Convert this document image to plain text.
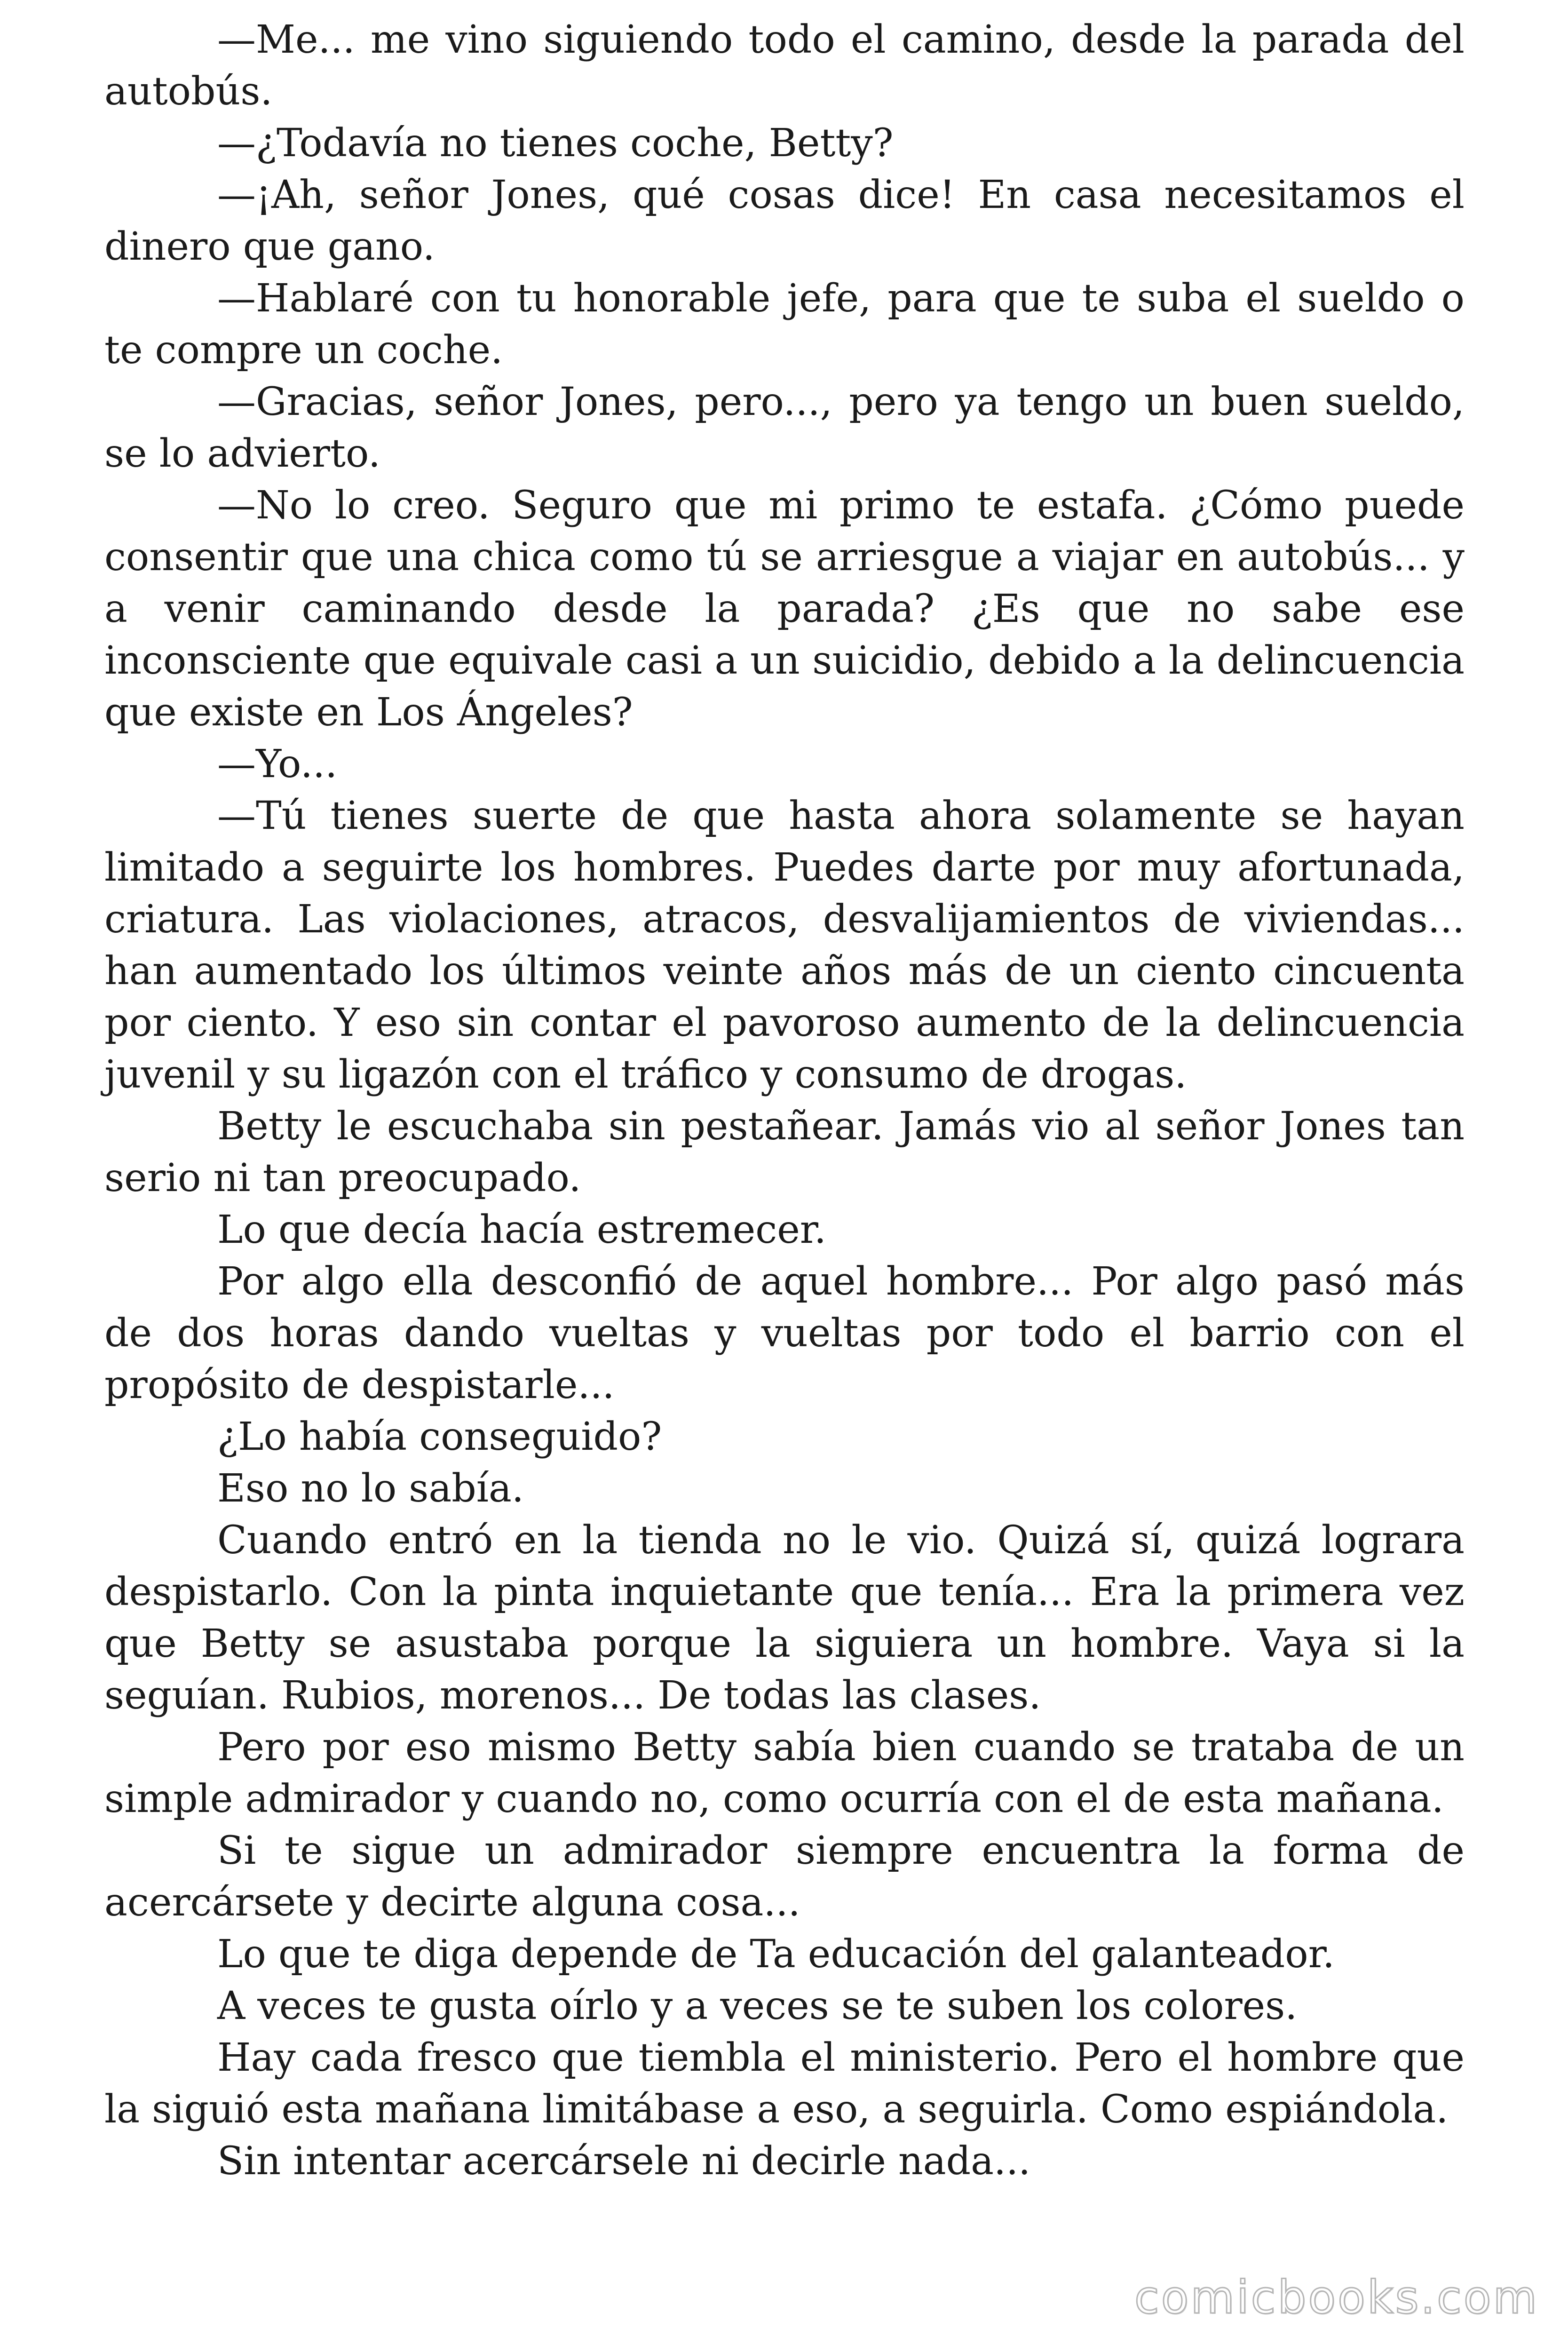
—Me... me vino siguiendo todo el camino, desde la parada del autobús.

—¿Todavía no tienes coche, Betty?

—¡Ah, señor Jones, qué cosas dice! En casa necesitamos el dinero que gano.

—Hablaré con tu honorable jefe, para que te suba el sueldo o te compre un coche.

—Gracias, señor Jones, pero..., pero ya tengo un buen sueldo, se lo advierto.

—No lo creo. Seguro que mi primo te estafa. ¿Cómo puede consentir que una chica como tú se arriesgue a viajar en autobús... y a venir caminando desde la parada? ¿Es que no sabe ese inconsciente que equivale casi a un suicidio, debido a la delincuencia que existe en Los Ángeles?

—Yo...

—Tú tienes suerte de que hasta ahora solamente se hayan limitado a seguirte los hombres. Puedes darte por muy afortunada, criatura. Las violaciones, atracos, desvalijamientos de viviendas... han aumentado los últimos veinte años más de un ciento cincuenta por ciento. Y eso sin contar el pavoroso aumento de la delincuencia juvenil y su ligazón con el tráfico y consumo de drogas.

Betty le escuchaba sin pestañear. Jamás vio al señor Jones tan serio ni tan preocupado.

Lo que decía hacía estremecer.

Por algo ella desconfió de aquel hombre... Por algo pasó más de dos horas dando vueltas y vueltas por todo el barrio con el propósito de despistarle...

¿Lo había conseguido?

Eso no lo sabía.

Cuando entró en la tienda no le vio. Quizá sí, quizá lograra despistarlo. Con la pinta inquietante que tenía... Era la primera vez que Betty se asustaba porque la siguiera un hombre. Vaya si la seguían. Rubios, morenos... De todas las clases.

Pero por eso mismo Betty sabía bien cuando se trataba de un simple admirador y cuando no, como ocurría con el de esta mañana.

Si te sigue un admirador siempre encuentra la forma de acercársete y decirte alguna cosa...

Lo que te diga depende de Ta educación del galanteador.

A veces te gusta oírlo y a veces se te suben los colores.

Hay cada fresco que tiembla el ministerio. Pero el hombre que la siguió esta mañana limitábase a eso, a seguirla. Como espiándola.

Sin intentar acercársele ni decirle nada...

comicbooks.com
